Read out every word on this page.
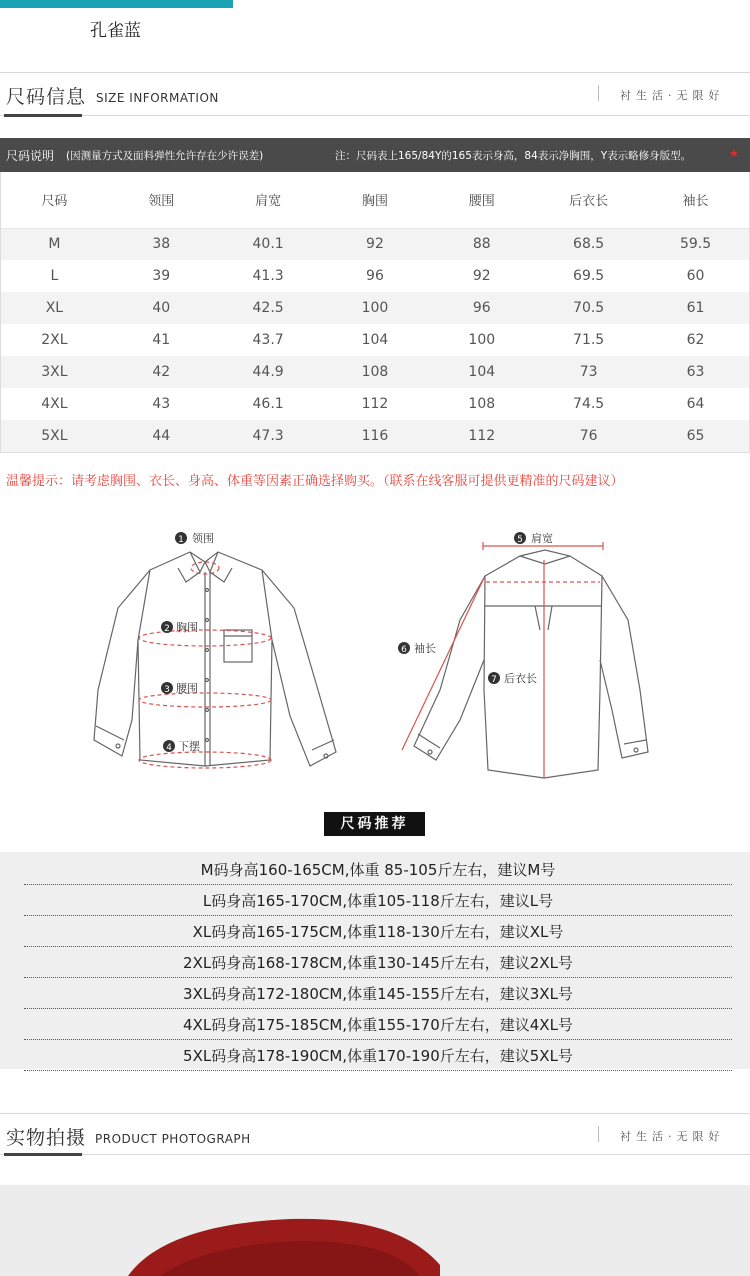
孔雀蓝
尺码信息 SIZE INFORMATION	衬生活·无限好
尺码说明 (因测量方式及面料弹性允许存在少许误差)	注：尺码表上165/84Y的165表示身高，84表示净胸围，Y表示略修身版型。	★
尺码	领围	肩宽	胸围	腰围	后衣长	袖长
M	38	40.1	92	88	68.5	59.5
L	39	41.3	96	92	69.5	60
XL	40	42.5	100	96	70.5	61
2XL	41	43.7	104	100	71.5	62
3XL	42	44.9	108	104	73	63
4XL	43	46.1	112	108	74.5	64
5XL	44	47.3	116	112	76	65
温馨提示：请考虑胸围、衣长、身高、体重等因素正确选择购买。（联系在线客服可提供更精准的尺码建议）
1 领围
2 胸围
3 腰围
4 下摆
5 肩宽
6 袖长
7 后衣长
尺码推荐
M码身高160-165CM,体重 85-105斤左右，建议M号
L码身高165-170CM,体重105-118斤左右，建议L号
XL码身高165-175CM,体重118-130斤左右，建议XL号
2XL码身高168-178CM,体重130-145斤左右，建议2XL号
3XL码身高172-180CM,体重145-155斤左右，建议3XL号
4XL码身高175-185CM,体重155-170斤左右，建议4XL号
5XL码身高178-190CM,体重170-190斤左右，建议5XL号
实物拍摄 PRODUCT PHOTOGRAPH	衬生活·无限好
